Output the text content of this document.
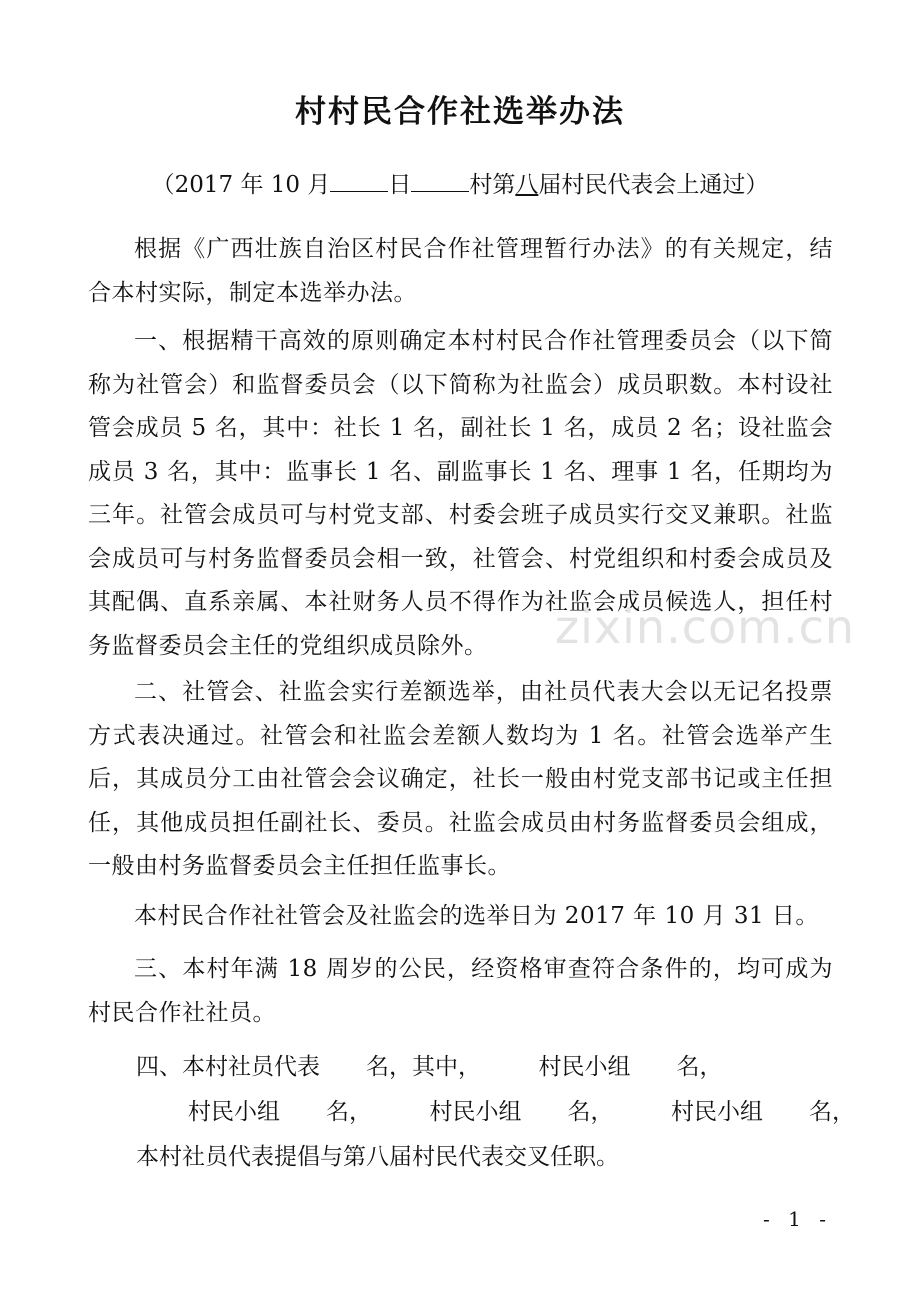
村村民合作社选举办法
（2017 年 10 月	日	村第八届村民代表会上通过）

根据《广西壮族自治区村民合作社管理暂行办法》的有关规定，结合本村实际，制定本选举办法。

一、根据精干高效的原则确定本村村民合作社管理委员会（以下简称为社管会）和监督委员会（以下简称为社监会）成员职数。本村设社管会成员 5 名，其中：社长 1 名，副社长 1 名，成员 2 名；设社监会成员 3 名，其中：监事长 1 名、副监事长 1 名、理事 1 名，任期均为三年。社管会成员可与村党支部、村委会班子成员实行交叉兼职。社监会成员可与村务监督委员会相一致，社管会、村党组织和村委会成员及其配偶、直系亲属、本社财务人员不得作为社监会成员候选人，担任村务监督委员会主任的党组织成员除外。

二、社管会、社监会实行差额选举，由社员代表大会以无记名投票方式表决通过。社管会和社监会差额人数均为 1 名。社管会选举产生后，其成员分工由社管会会议确定，社长一般由村党支部书记或主任担任，其他成员担任副社长、委员。社监会成员由村务监督委员会组成，一般由村务监督委员会主任担任监事长。

本村民合作社社管会及社监会的选举日为 2017 年 10 月 31 日。

三、本村年满 18 周岁的公民，经资格审查符合条件的，均可成为村民合作社社员。

四、本村社员代表　　名，其中，　　　村民小组　　名，
村民小组　　名，　　　村民小组　　名，　　　村民小组　　名，
本村社员代表提倡与第八届村民代表交叉任职。
zixin.com.cn
- 1 -
